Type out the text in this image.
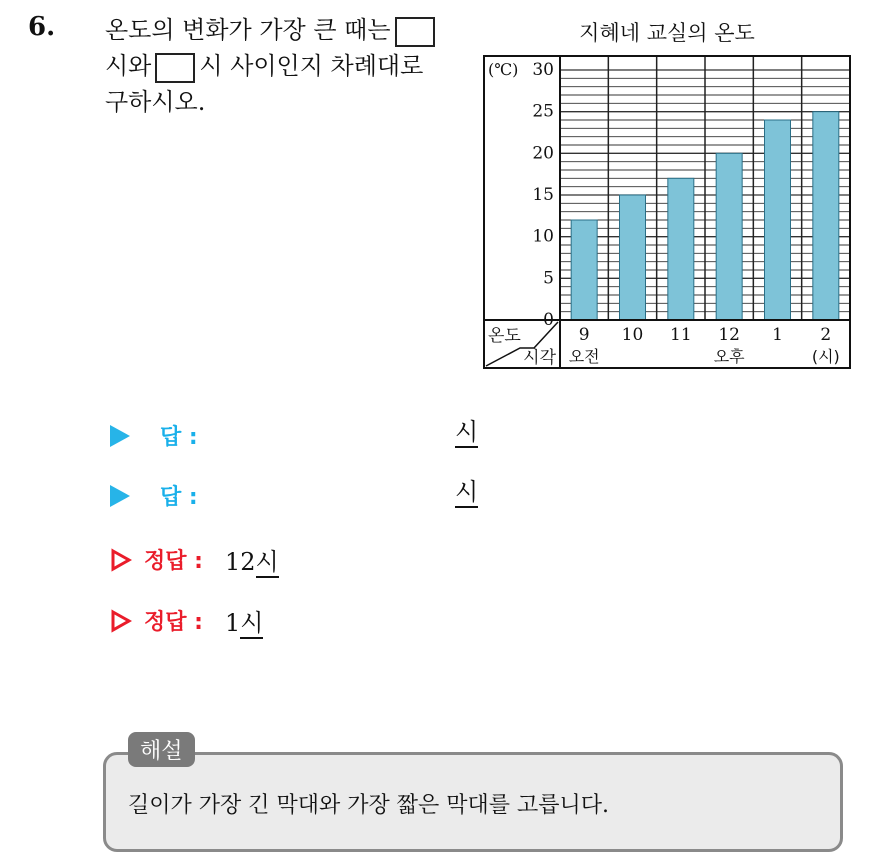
6. 온도의 변화가 가장 큰 때는
시와 시 사이인지 차례대로
구하시오.
지혜네 교실의 온도
0
5
10
15
20
25
30
(℃)
온도
시각
9
오전
10 11 12
오후
1 2
(시)
답 :	시
답 :	시
정답 : 12시
정답 : 1시
해설
길이가 가장 긴 막대와 가장 짧은 막대를 고릅니다.
